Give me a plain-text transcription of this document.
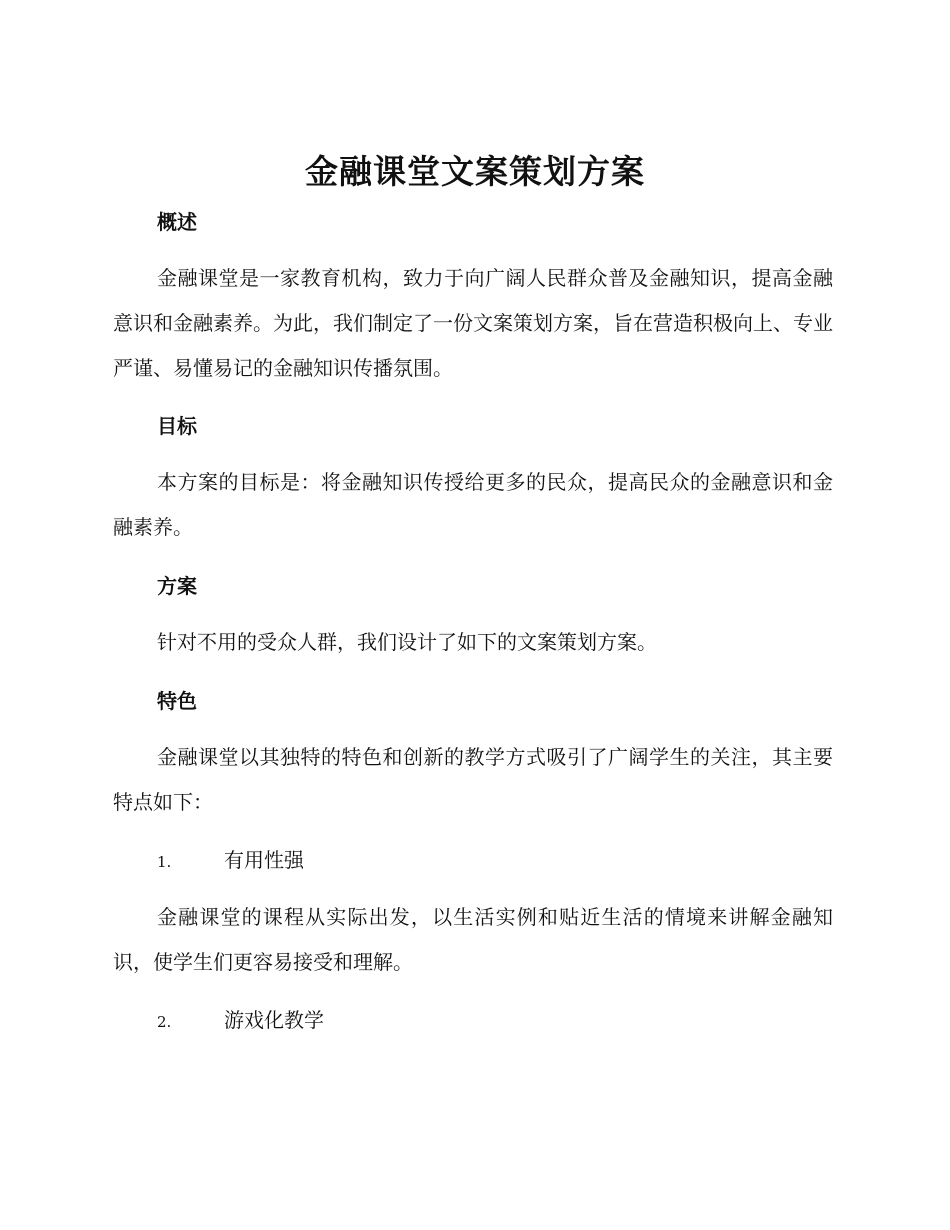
金融课堂文案策划方案
概述

金融课堂是一家教育机构，致力于向广阔人民群众普及金融知识，提高金融意识和金融素养。为此，我们制定了一份文案策划方案，旨在营造积极向上、专业严谨、易懂易记的金融知识传播氛围。

目标

本方案的目标是：将金融知识传授给更多的民众，提高民众的金融意识和金融素养。

方案

针对不用的受众人群，我们设计了如下的文案策划方案。

特色

金融课堂以其独特的特色和创新的教学方式吸引了广阔学生的关注，其主要特点如下：

1.	有用性强

金融课堂的课程从实际出发，以生活实例和贴近生活的情境来讲解金融知识，使学生们更容易接受和理解。

2.	游戏化教学
